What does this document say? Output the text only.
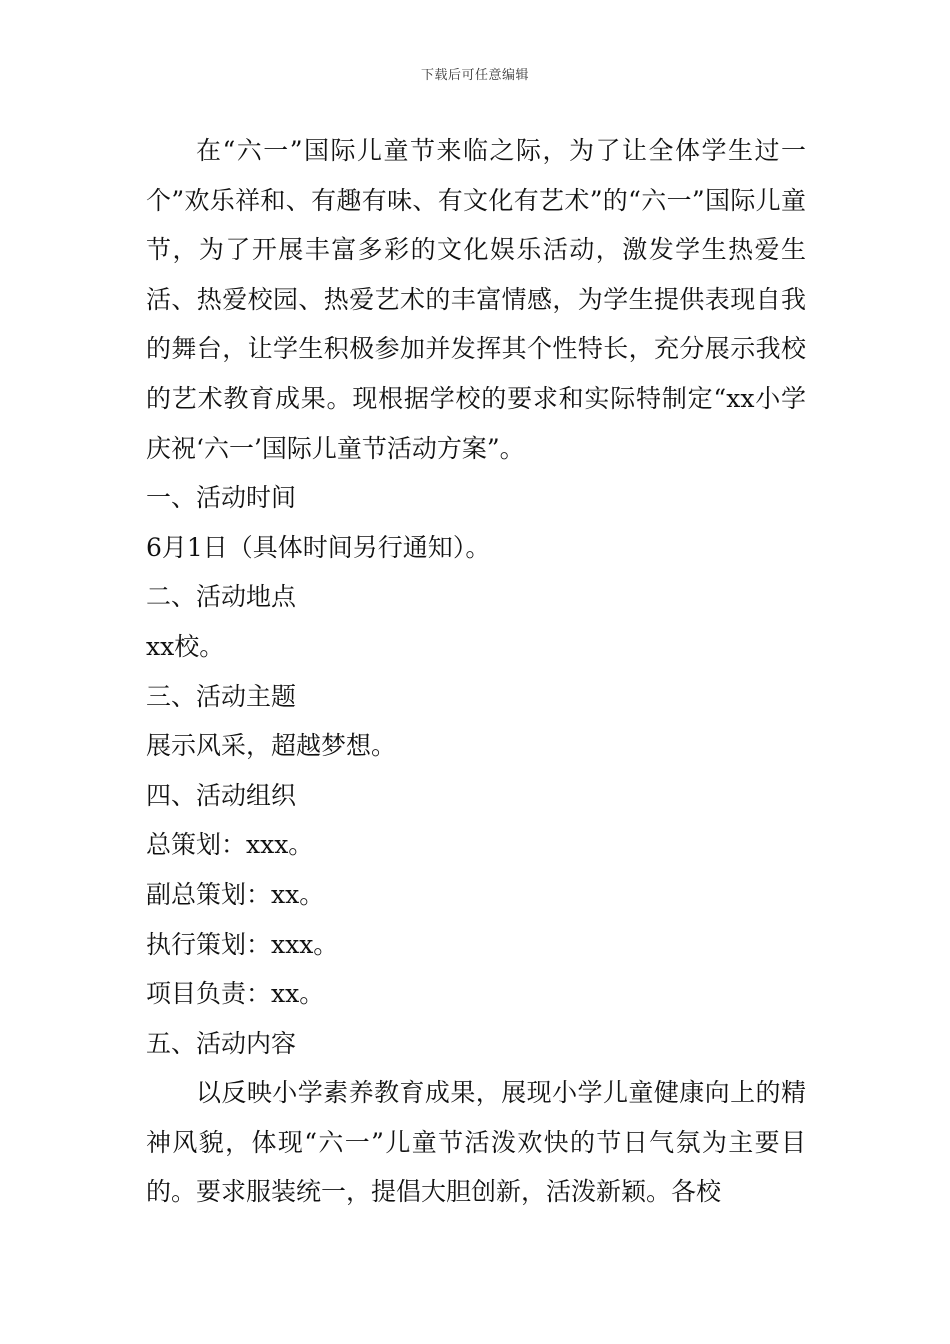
下载后可任意编辑

在“六一”国际儿童节来临之际，为了让全体学生过一个”欢乐祥和、有趣有味、有文化有艺术”的“六一”国际儿童节，为了开展丰富多彩的文化娱乐活动，激发学生热爱生活、热爱校园、热爱艺术的丰富情感，为学生提供表现自我的舞台，让学生积极参加并发挥其个性特长，充分展示我校的艺术教育成果。现根据学校的要求和实际特制定“xx小学庆祝‘六一’国际儿童节活动方案”。

一、活动时间

6月1日（具体时间另行通知）。

二、活动地点

xx校。

三、活动主题

展示风采，超越梦想。

四、活动组织

总策划：xxx。

副总策划：xx。

执行策划：xxx。

项目负责：xx。

五、活动内容

以反映小学素养教育成果，展现小学儿童健康向上的精神风貌，体现“六一”儿童节活泼欢快的节日气氛为主要目的。要求服装统一，提倡大胆创新，活泼新颖。各校
